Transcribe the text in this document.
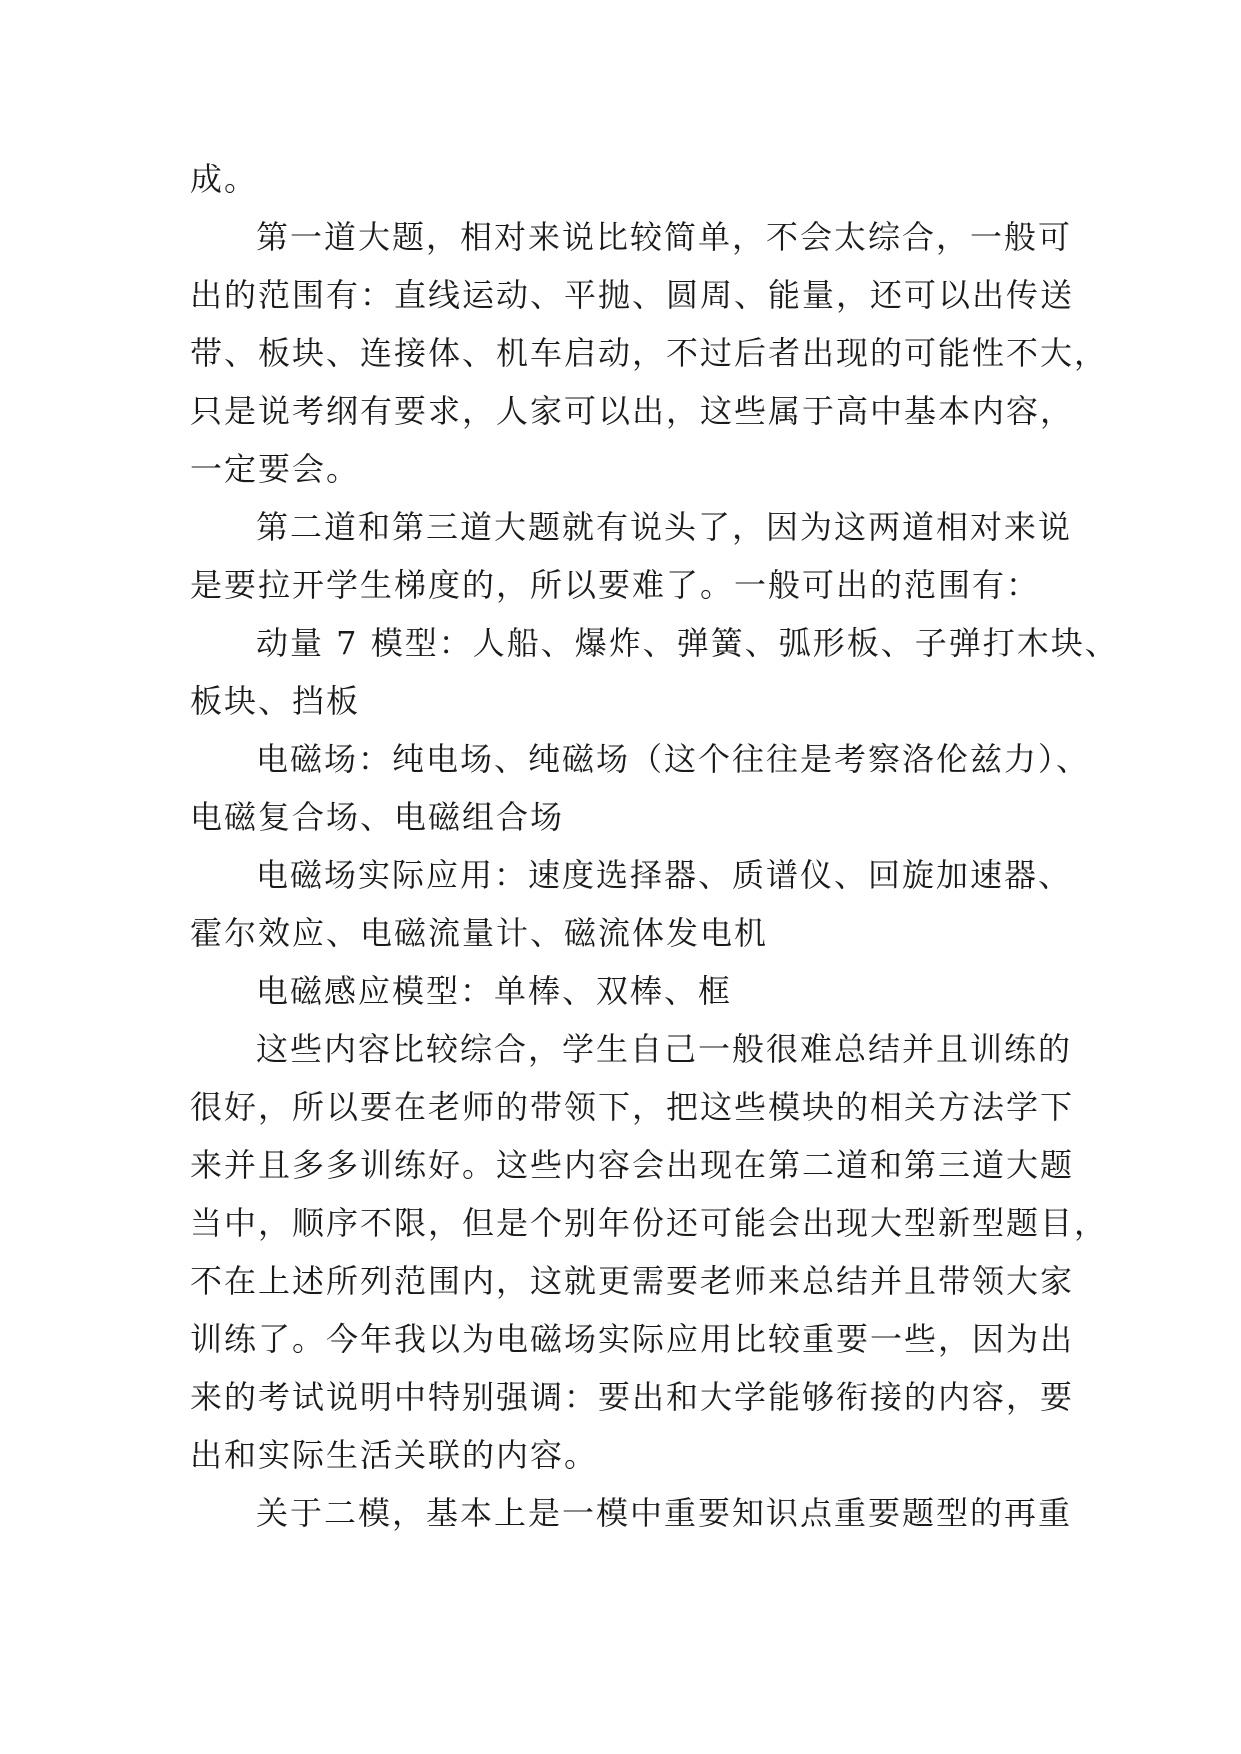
成。
第一道大题，相对来说比较简单，不会太综合，一般可
出的范围有：直线运动、平抛、圆周、能量，还可以出传送
带、板块、连接体、机车启动，不过后者出现的可能性不大，
只是说考纲有要求，人家可以出，这些属于高中基本内容，
一定要会。
第二道和第三道大题就有说头了，因为这两道相对来说
是要拉开学生梯度的，所以要难了。一般可出的范围有：
动量 7 模型：人船、爆炸、弹簧、弧形板、子弹打木块、
板块、挡板
电磁场：纯电场、纯磁场（这个往往是考察洛伦兹力）、
电磁复合场、电磁组合场
电磁场实际应用：速度选择器、质谱仪、回旋加速器、
霍尔效应、电磁流量计、磁流体发电机
电磁感应模型：单棒、双棒、框
这些内容比较综合，学生自己一般很难总结并且训练的
很好，所以要在老师的带领下，把这些模块的相关方法学下
来并且多多训练好。这些内容会出现在第二道和第三道大题
当中，顺序不限，但是个别年份还可能会出现大型新型题目，
不在上述所列范围内，这就更需要老师来总结并且带领大家
训练了。今年我以为电磁场实际应用比较重要一些，因为出
来的考试说明中特别强调：要出和大学能够衔接的内容，要
出和实际生活关联的内容。
关于二模，基本上是一模中重要知识点重要题型的再重
